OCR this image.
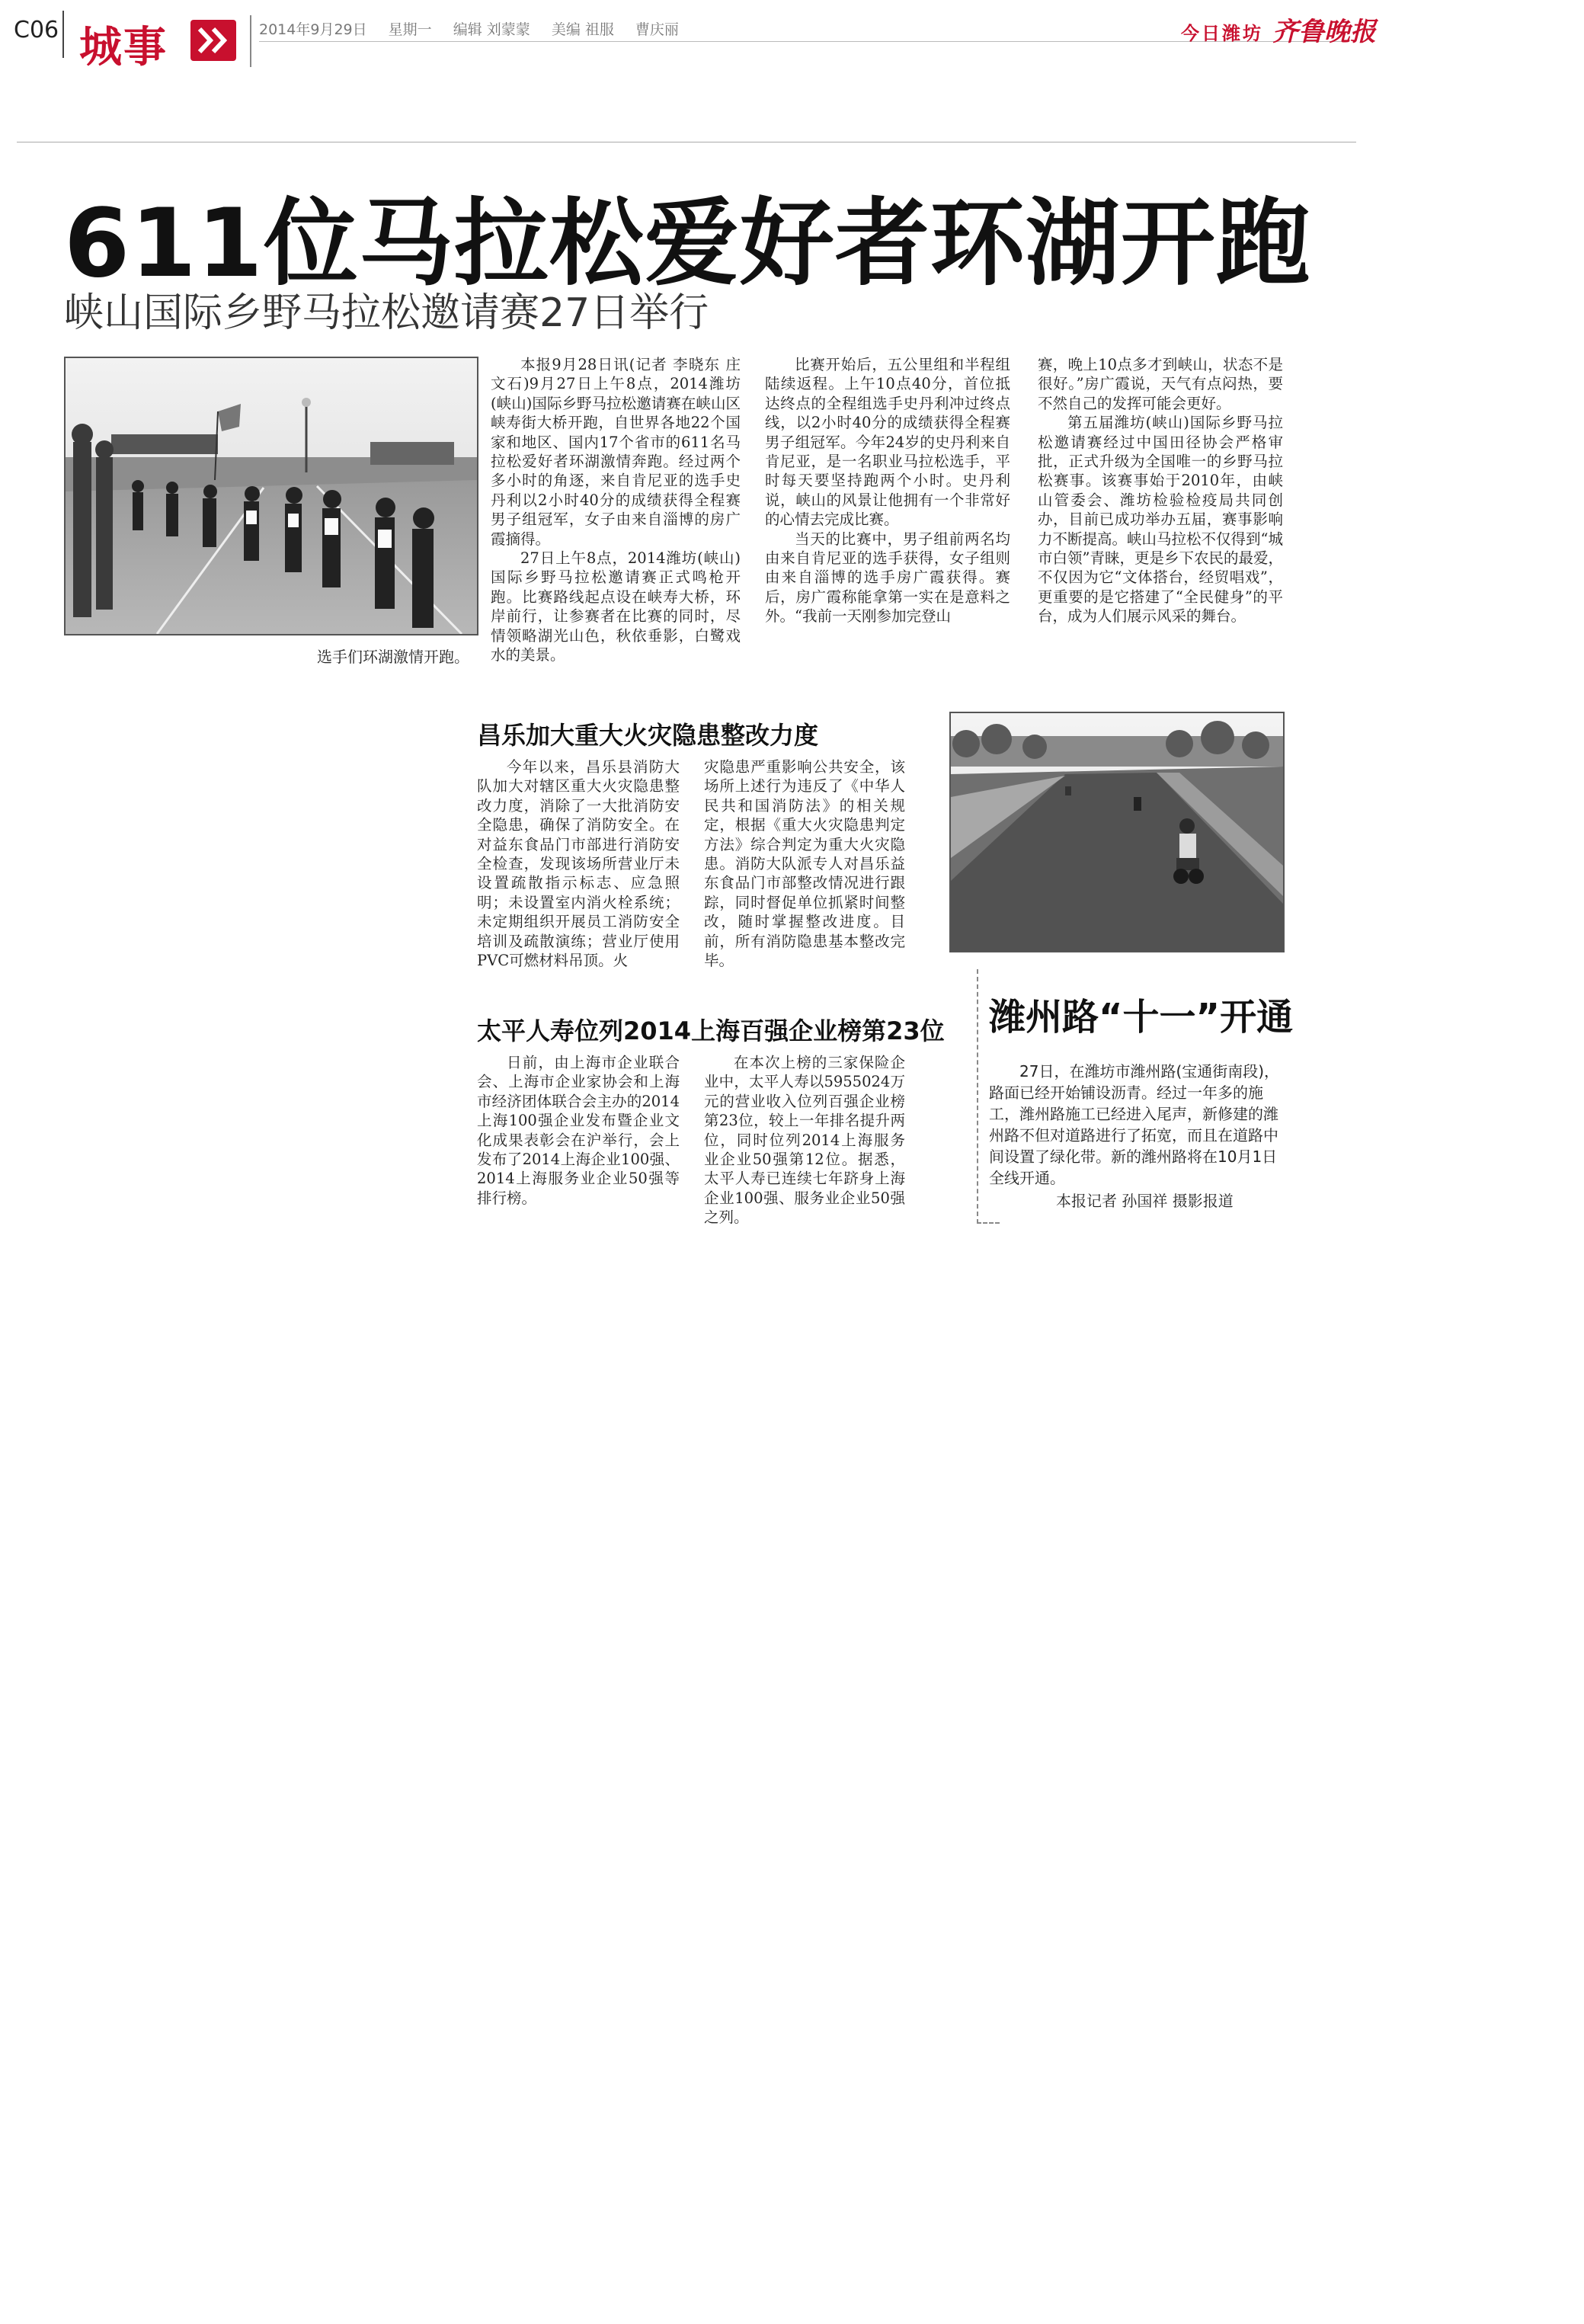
C06 城事	2014年9月29日 星期一 编辑 刘蒙蒙 美编 祖服 曹庆丽	今日潍坊 齐鲁晚报
611位马拉松爱好者环湖开跑
峡山国际乡野马拉松邀请赛27日举行
选手们环湖激情开跑。

本报9月28日讯(记者 李晓东 庄文石)9月27日上午8点，2014潍坊(峡山)国际乡野马拉松邀请赛在峡山区峡寿街大桥开跑，自世界各地22个国家和地区、国内17个省市的611名马拉松爱好者环湖激情奔跑。经过两个多小时的角逐，来自肯尼亚的选手史丹利以2小时40分的成绩获得全程赛男子组冠军，女子由来自淄博的房广霞摘得。

27日上午8点，2014潍坊(峡山)国际乡野马拉松邀请赛正式鸣枪开跑。比赛路线起点设在峡寿大桥，环岸前行，让参赛者在比赛的同时，尽情领略湖光山色，秋依垂影，白鹭戏水的美景。

比赛开始后，五公里组和半程组陆续返程。上午10点40分，首位抵达终点的全程组选手史丹利冲过终点线，以2小时40分的成绩获得全程赛男子组冠军。今年24岁的史丹利来自肯尼亚，是一名职业马拉松选手，平时每天要坚持跑两个小时。史丹利说，峡山的风景让他拥有一个非常好的心情去完成比赛。

当天的比赛中，男子组前两名均由来自肯尼亚的选手获得，女子组则由来自淄博的选手房广霞获得。赛后，房广霞称能拿第一实在是意料之外。“我前一天刚参加完登山

赛，晚上10点多才到峡山，状态不是很好。”房广霞说，天气有点闷热，要不然自己的发挥可能会更好。

第五届潍坊(峡山)国际乡野马拉松邀请赛经过中国田径协会严格审批，正式升级为全国唯一的乡野马拉松赛事。该赛事始于2010年，由峡山管委会、潍坊检验检疫局共同创办，目前已成功举办五届，赛事影响力不断提高。峡山马拉松不仅得到“城市白领”青睐，更是乡下农民的最爱，不仅因为它“文体搭台，经贸唱戏”，更重要的是它搭建了“全民健身”的平台，成为人们展示风采的舞台。

昌乐加大重大火灾隐患整改力度

今年以来，昌乐县消防大队加大对辖区重大火灾隐患整改力度，消除了一大批消防安全隐患，确保了消防安全。在对益东食品门市部进行消防安全检查，发现该场所营业厅未设置疏散指示标志、应急照明；未设置室内消火栓系统；未定期组织开展员工消防安全培训及疏散演练；营业厅使用PVC可燃材料吊顶。火

灾隐患严重影响公共安全，该场所上述行为违反了《中华人民共和国消防法》的相关规定，根据《重大火灾隐患判定方法》综合判定为重大火灾隐患。消防大队派专人对昌乐益东食品门市部整改情况进行跟踪，同时督促单位抓紧时间整改，随时掌握整改进度。目前，所有消防隐患基本整改完毕。

太平人寿位列2014上海百强企业榜第23位

日前，由上海市企业联合会、上海市企业家协会和上海市经济团体联合会主办的2014上海100强企业发布暨企业文化成果表彰会在沪举行，会上发布了2014上海企业100强、2014上海服务业企业50强等排行榜。

在本次上榜的三家保险企业中，太平人寿以5955024万元的营业收入位列百强企业榜第23位，较上一年排名提升两位，同时位列2014上海服务业企业50强第12位。据悉，太平人寿已连续七年跻身上海企业100强、服务业企业50强之列。

潍州路“十一”开通

27日，在潍坊市潍州路(宝通街南段)，路面已经开始铺设沥青。经过一年多的施工，潍州路施工已经进入尾声，新修建的潍州路不但对道路进行了拓宽，而且在道路中间设置了绿化带。新的潍州路将在10月1日全线开通。

本报记者 孙国祥 摄影报道
